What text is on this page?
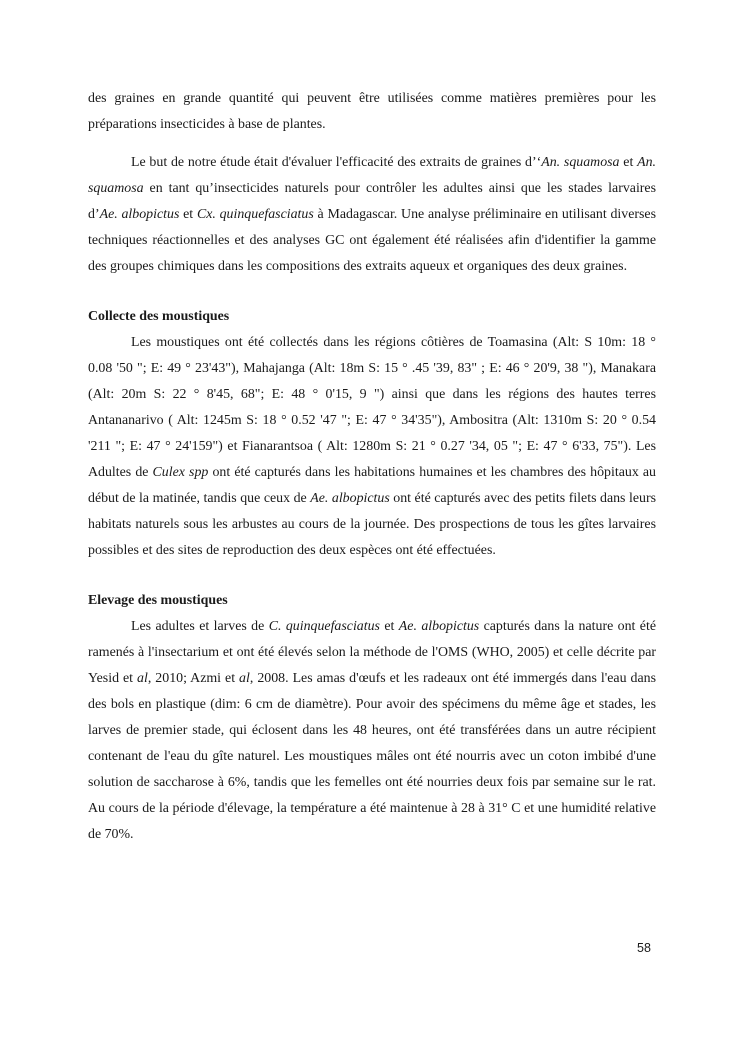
des graines en grande quantité qui peuvent être utilisées comme matières premières pour les préparations insecticides à base de plantes.

Le but de notre étude était d'évaluer l'efficacité des extraits de graines d’‘An. squamosa et An. squamosa en tant qu’insecticides naturels pour contrôler les adultes ainsi que les stades larvaires d’Ae. albopictus et Cx. quinquefasciatus à Madagascar. Une analyse préliminaire en utilisant diverses techniques réactionnelles et des analyses GC ont également été réalisées afin d'identifier la gamme des groupes chimiques dans les compositions des extraits aqueux et organiques des deux graines.

Collecte des moustiques

Les moustiques ont été collectés dans les régions côtières de Toamasina (Alt: S 10m: 18 ° 0.08 '50 "; E: 49 ° 23'43"), Mahajanga (Alt: 18m S: 15 ° .45 '39, 83" ; E: 46 ° 20'9, 38 "), Manakara (Alt: 20m S: 22 ° 8'45, 68"; E: 48 ° 0'15, 9 ") ainsi que dans les régions des hautes terres Antananarivo ( Alt: 1245m S: 18 ° 0.52 '47 "; E: 47 ° 34'35"), Ambositra (Alt: 1310m S: 20 ° 0.54 '211 "; E: 47 ° 24'159") et Fianarantsoa ( Alt: 1280m S: 21 ° 0.27 '34, 05 "; E: 47 ° 6'33, 75"). Les Adultes de Culex spp ont été capturés dans les habitations humaines et les chambres des hôpitaux au début de la matinée, tandis que ceux de Ae. albopictus ont été capturés avec des petits filets dans leurs habitats naturels sous les arbustes au cours de la journée. Des prospections de tous les gîtes larvaires possibles et des sites de reproduction des deux espèces ont été effectuées.

Elevage des moustiques

Les adultes et larves de C. quinquefasciatus et Ae. albopictus capturés dans la nature ont été ramenés à l'insectarium et ont été élevés selon la méthode de l'OMS (WHO, 2005) et celle décrite par Yesid et al, 2010; Azmi et al, 2008. Les amas d'œufs et les radeaux ont été immergés dans l'eau dans des bols en plastique (dim: 6 cm de diamètre). Pour avoir des spécimens du même âge et stades, les larves de premier stade, qui éclosent dans les 48 heures, ont été transférées dans un autre récipient contenant de l'eau du gîte naturel. Les moustiques mâles ont été nourris avec un coton imbibé d'une solution de saccharose à 6%, tandis que les femelles ont été nourries deux fois par semaine sur le rat. Au cours de la période d'élevage, la température a été maintenue à 28 à 31° C et une humidité relative de 70%.

58
